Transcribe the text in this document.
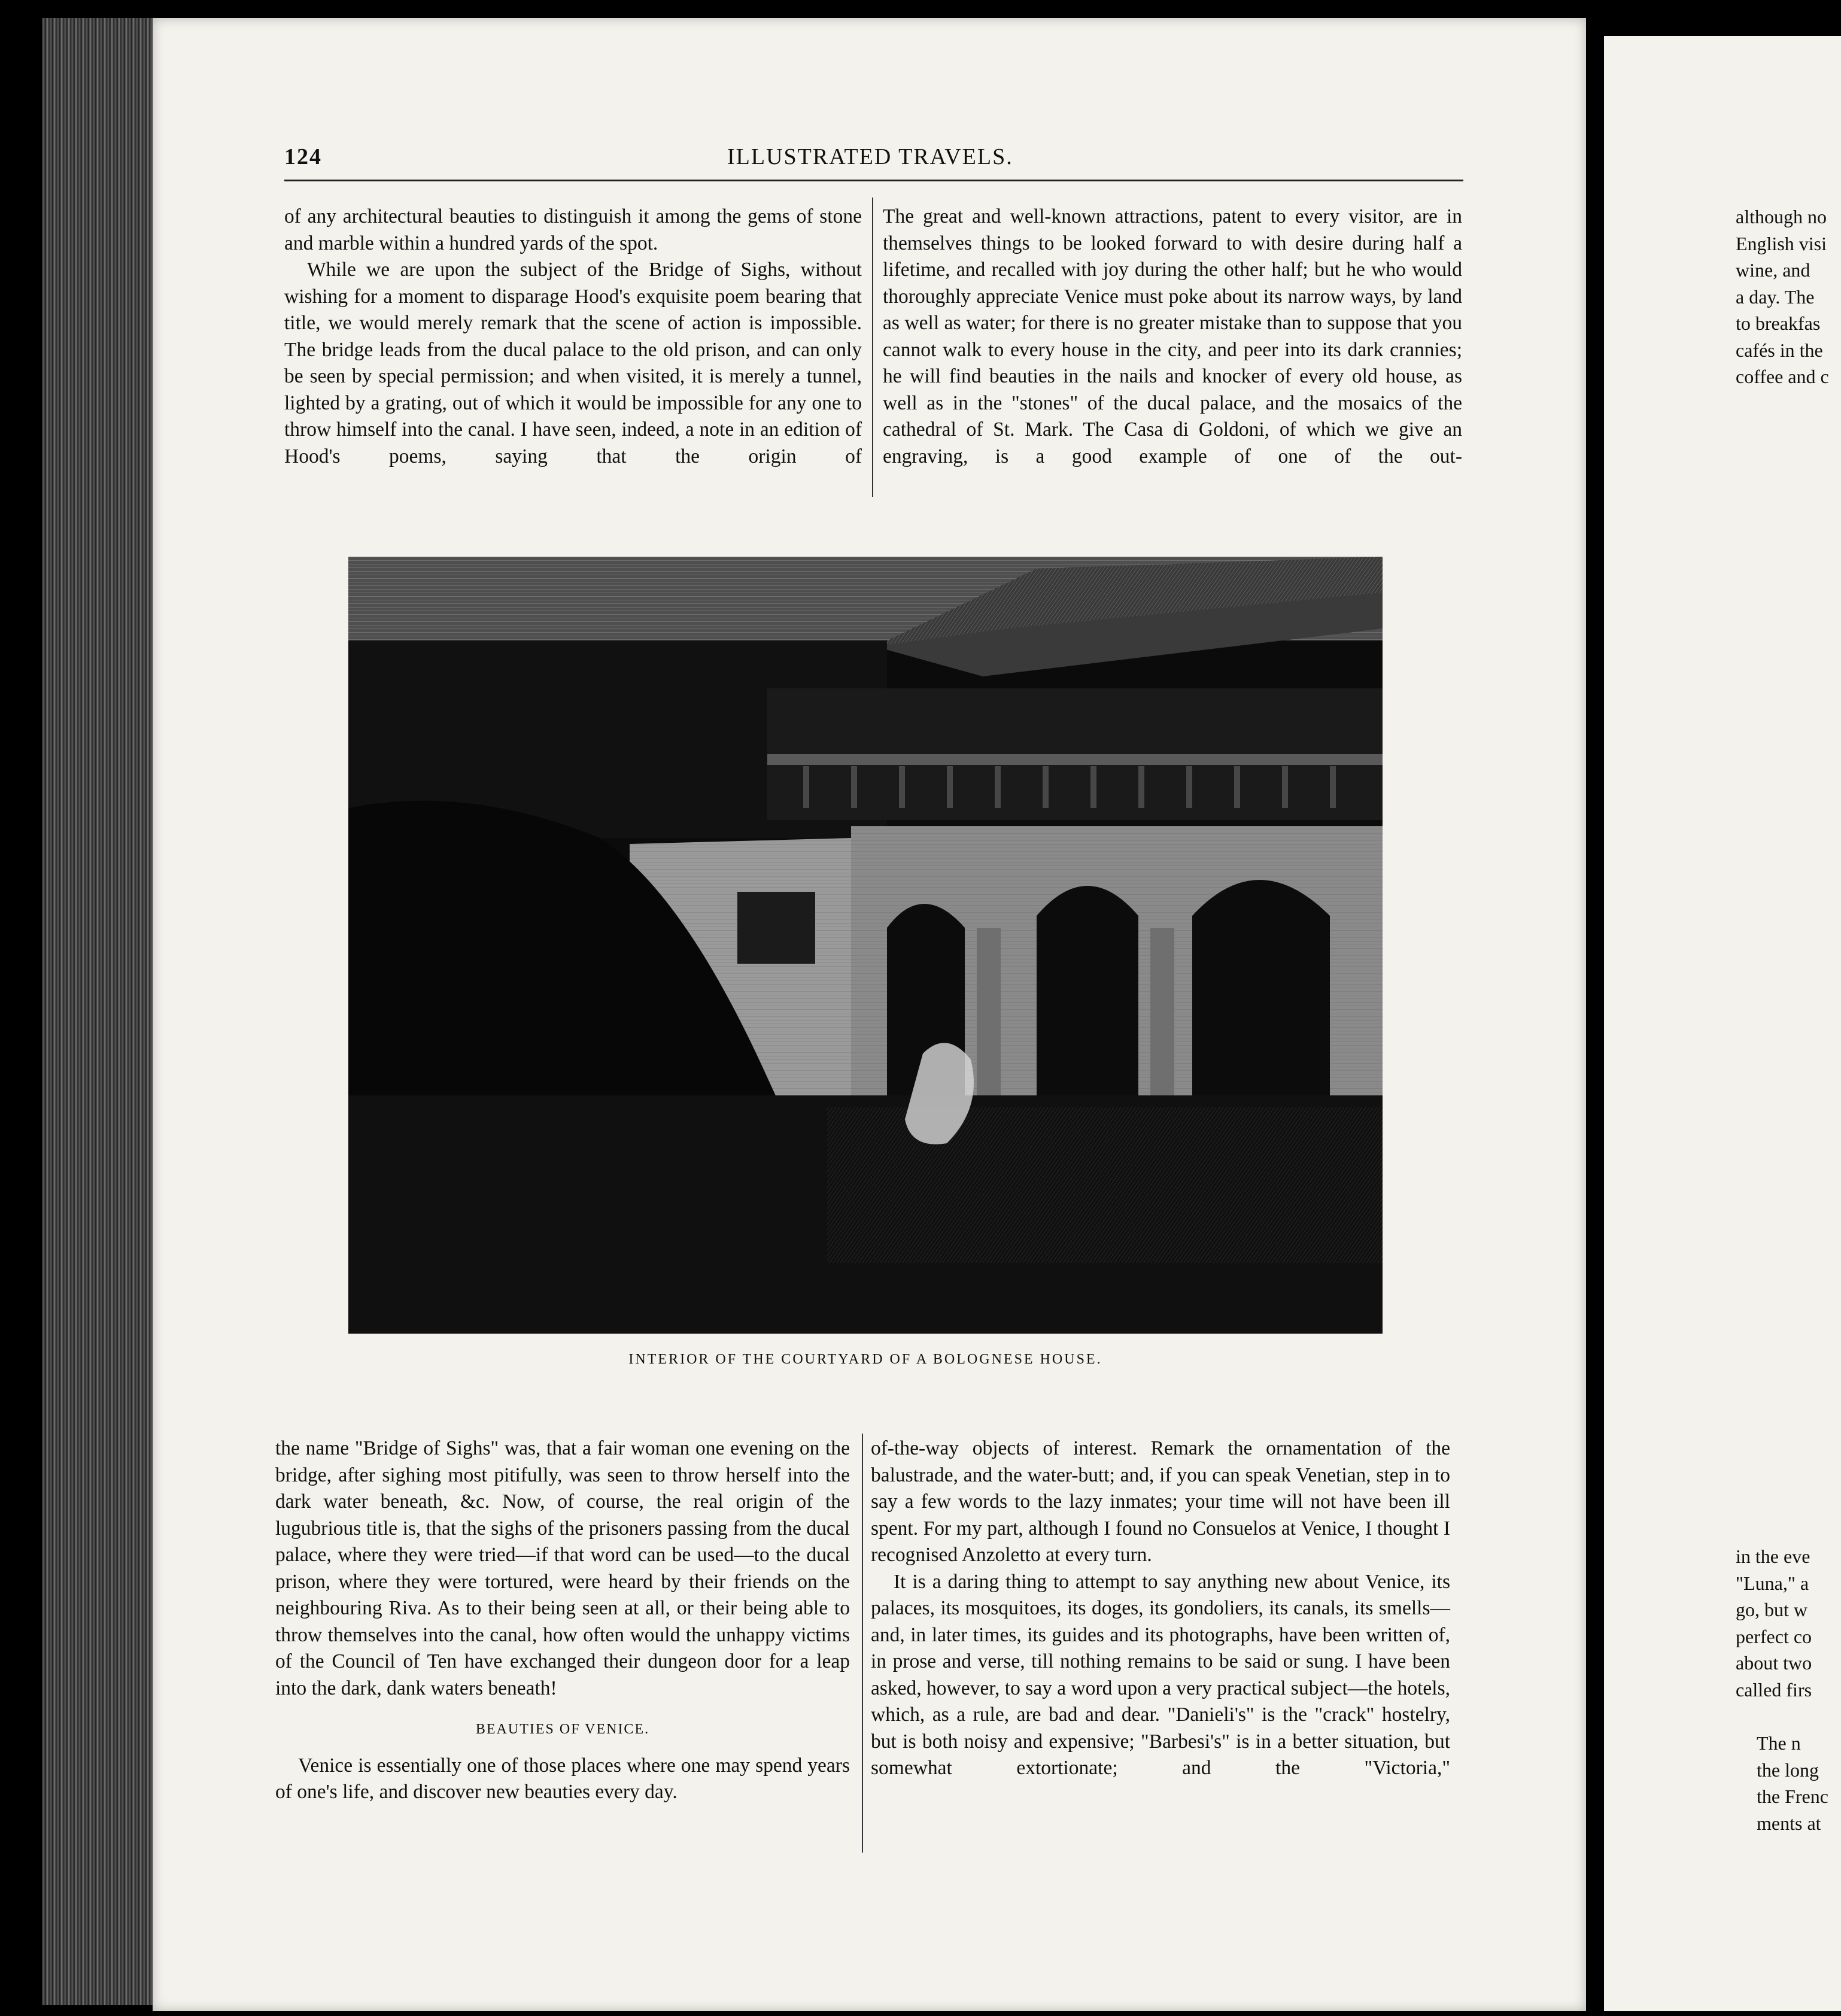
124	ILLUSTRATED TRAVELS.

of any architectural beauties to distinguish it among the gems of stone and marble within a hundred yards of the spot.

While we are upon the subject of the Bridge of Sighs, without wishing for a moment to disparage Hood's exquisite poem bearing that title, we would merely remark that the scene of action is impossible. The bridge leads from the ducal palace to the old prison, and can only be seen by special permission; and when visited, it is merely a tunnel, lighted by a grating, out of which it would be impossible for any one to throw himself into the canal. I have seen, indeed, a note in an edition of Hood's poems, saying that the origin of

The great and well-known attractions, patent to every visitor, are in themselves things to be looked forward to with desire during half a lifetime, and recalled with joy during the other half; but he who would thoroughly appreciate Venice must poke about its narrow ways, by land as well as water; for there is no greater mistake than to suppose that you cannot walk to every house in the city, and peer into its dark crannies; he will find beauties in the nails and knocker of every old house, as well as in the "stones" of the ducal palace, and the mosaics of the cathedral of St. Mark. The Casa di Goldoni, of which we give an engraving, is a good example of one of the out-

INTERIOR OF THE COURTYARD OF A BOLOGNESE HOUSE.

the name "Bridge of Sighs" was, that a fair woman one evening on the bridge, after sighing most pitifully, was seen to throw herself into the dark water beneath, &c. Now, of course, the real origin of the lugubrious title is, that the sighs of the prisoners passing from the ducal palace, where they were tried—if that word can be used—to the ducal prison, where they were tortured, were heard by their friends on the neighbouring Riva. As to their being seen at all, or their being able to throw themselves into the canal, how often would the unhappy victims of the Council of Ten have exchanged their dungeon door for a leap into the dark, dank waters beneath!

BEAUTIES OF VENICE.

Venice is essentially one of those places where one may spend years of one's life, and discover new beauties every day.

of-the-way objects of interest. Remark the ornamentation of the balustrade, and the water-butt; and, if you can speak Venetian, step in to say a few words to the lazy inmates; your time will not have been ill spent. For my part, although I found no Consuelos at Venice, I thought I recognised Anzoletto at every turn.

It is a daring thing to attempt to say anything new about Venice, its palaces, its mosquitoes, its doges, its gondoliers, its canals, its smells—and, in later times, its guides and its photographs, have been written of, in prose and verse, till nothing remains to be said or sung. I have been asked, however, to say a word upon a very practical subject—the hotels, which, as a rule, are bad and dear. "Danieli's" is the "crack" hostelry, but is both noisy and expensive; "Barbesi's" is in a better situation, but somewhat extortionate; and the "Victoria,"

although no
English visi
wine, and
a day. The
to breakfas
cafés in the
coffee and c
in the eve
"Luna," a
go, but w
perfect co
about two
called firs
The n
the long
the Frenc
ments at
